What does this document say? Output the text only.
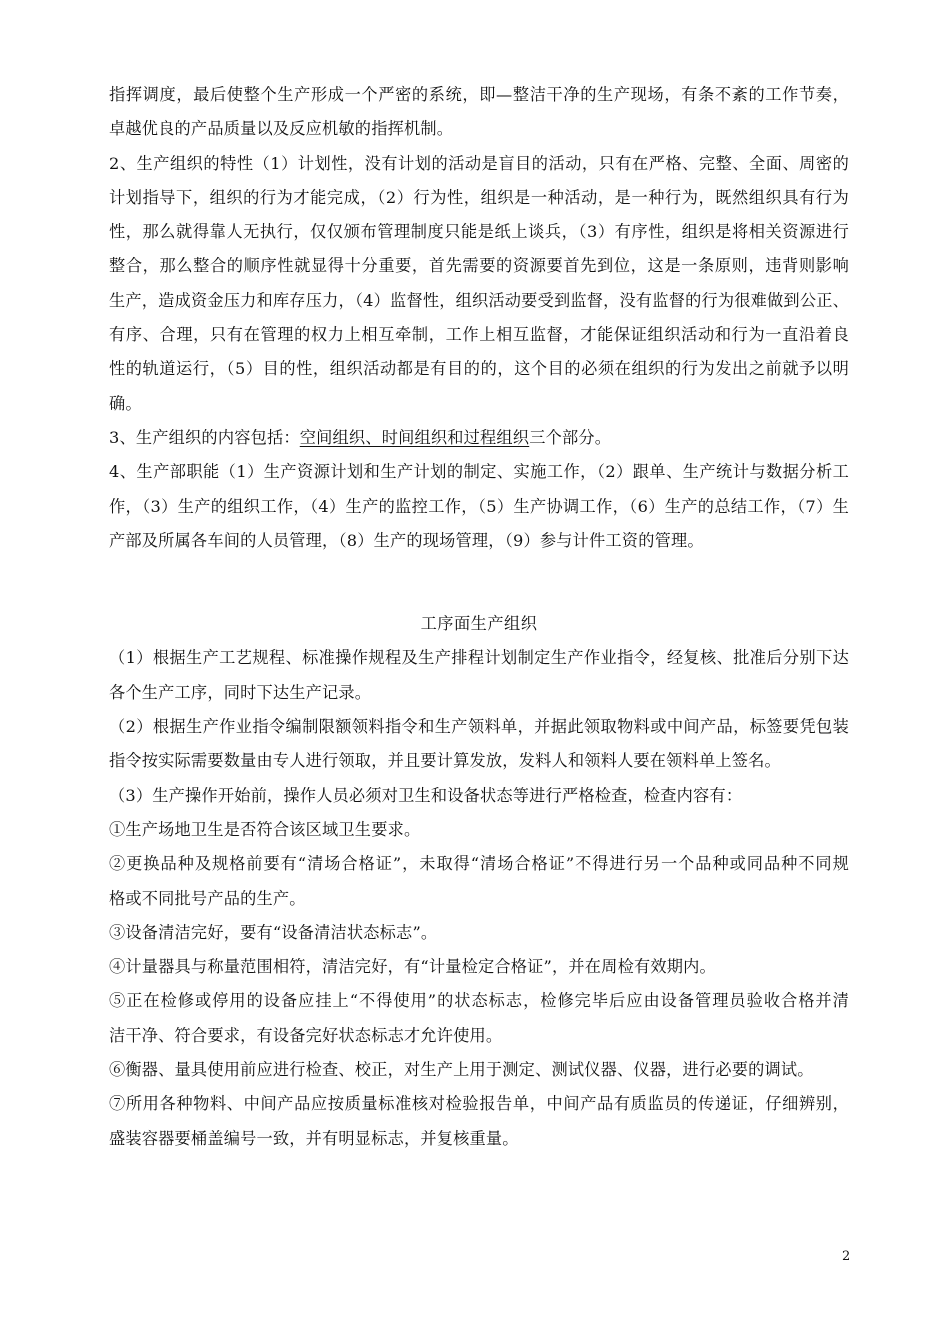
指挥调度，最后使整个生产形成一个严密的系统，即—整洁干净的生产现场，有条不紊的工作节奏，
卓越优良的产品质量以及反应机敏的指挥机制。
2、生产组织的特性（1）计划性，没有计划的活动是盲目的活动，只有在严格、完整、全面、周密的
计划指导下，组织的行为才能完成，（2）行为性，组织是一种活动，是一种行为，既然组织具有行为
性，那么就得靠人无执行，仅仅颁布管理制度只能是纸上谈兵，（3）有序性，组织是将相关资源进行
整合，那么整合的顺序性就显得十分重要，首先需要的资源要首先到位，这是一条原则，违背则影响
生产，造成资金压力和库存压力，（4）监督性，组织活动要受到监督，没有监督的行为很难做到公正、
有序、合理，只有在管理的权力上相互牵制，工作上相互监督，才能保证组织活动和行为一直沿着良
性的轨道运行，（5）目的性，组织活动都是有目的的，这个目的必须在组织的行为发出之前就予以明
确。
3、生产组织的内容包括：空间组织、时间组织和过程组织三个部分。
4、生产部职能（1）生产资源计划和生产计划的制定、实施工作，（2）跟单、生产统计与数据分析工
作，（3）生产的组织工作，（4）生产的监控工作，（5）生产协调工作，（6）生产的总结工作，（7）生
产部及所属各车间的人员管理，（8）生产的现场管理，（9）参与计件工资的管理。
工序面生产组织
（1）根据生产工艺规程、标准操作规程及生产排程计划制定生产作业指令，经复核、批准后分别下达
各个生产工序，同时下达生产记录。
（2）根据生产作业指令编制限额领料指令和生产领料单，并据此领取物料或中间产品，标签要凭包装
指令按实际需要数量由专人进行领取，并且要计算发放，发料人和领料人要在领料单上签名。
（3）生产操作开始前，操作人员必须对卫生和设备状态等进行严格检查，检查内容有：
①生产场地卫生是否符合该区域卫生要求。
②更换品种及规格前要有“清场合格证”，未取得“清场合格证”不得进行另一个品种或同品种不同规
格或不同批号产品的生产。
③设备清洁完好，要有“设备清洁状态标志”。
④计量器具与称量范围相符，清洁完好，有“计量检定合格证”，并在周检有效期内。
⑤正在检修或停用的设备应挂上“不得使用”的状态标志，检修完毕后应由设备管理员验收合格并清
洁干净、符合要求，有设备完好状态标志才允许使用。
⑥衡器、量具使用前应进行检查、校正，对生产上用于测定、测试仪器、仪器，进行必要的调试。
⑦所用各种物料、中间产品应按质量标准核对检验报告单，中间产品有质监员的传递证，仔细辨别，
盛装容器要桶盖编号一致，并有明显标志，并复核重量。
2
